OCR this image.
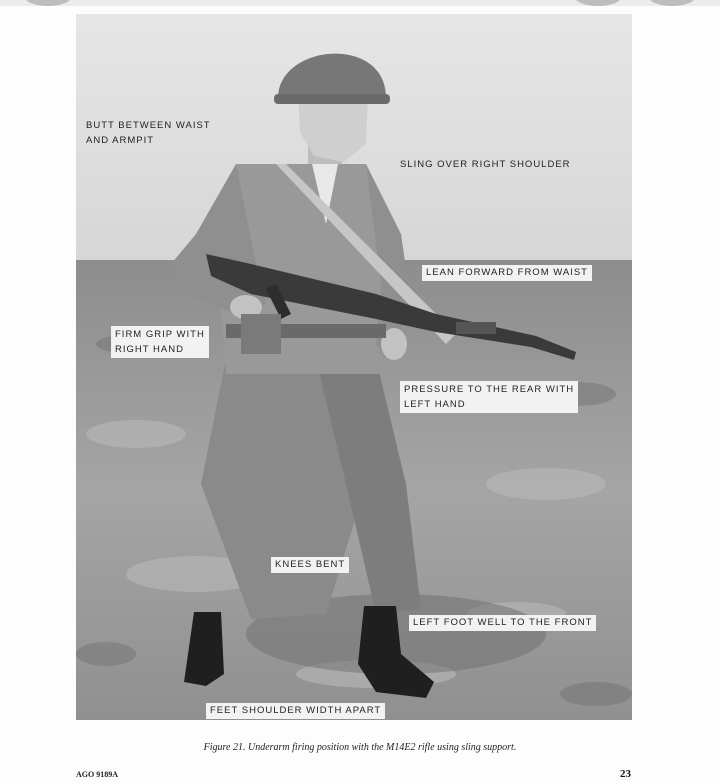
BUTT BETWEEN WAIST
AND ARMPIT
SLING OVER RIGHT SHOULDER
LEAN FORWARD FROM WAIST
FIRM GRIP WITH
RIGHT HAND
PRESSURE TO THE REAR WITH
LEFT HAND
KNEES BENT
LEFT FOOT WELL TO THE FRONT
FEET SHOULDER WIDTH APART
Figure 21. Underarm firing position with the M14E2 rifle using sling support.
AGO 9189A	23
